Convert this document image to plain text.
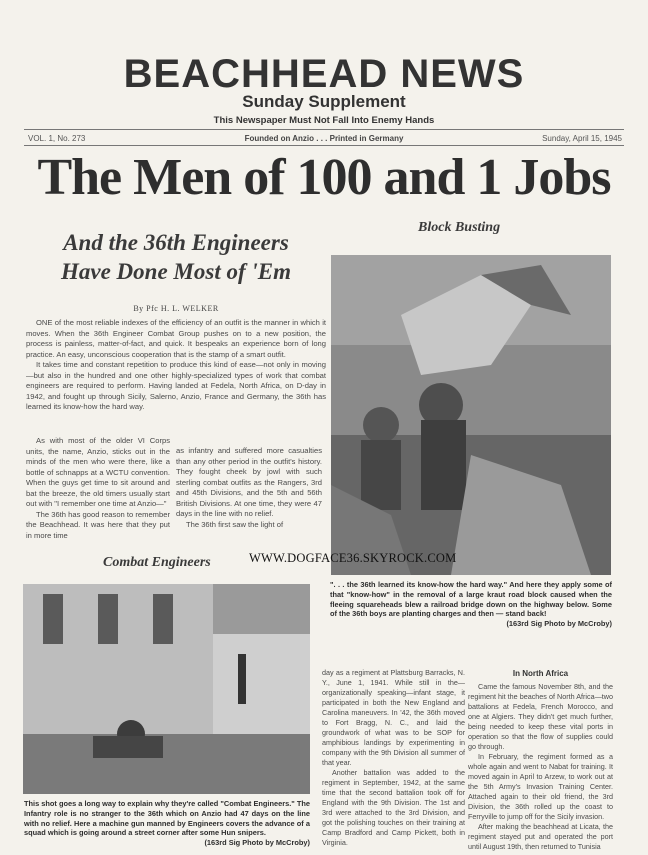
BEACHHEAD NEWS
Sunday Supplement
This Newspaper Must Not Fall Into Enemy Hands
VOL. 1, No. 273	Founded on Anzio . . . Printed in Germany	Sunday, April 15, 1945
The Men of 100 and 1 Jobs
And the 36th Engineers
Have Done Most of 'Em
By Pfc H. L. WELKER

ONE of the most reliable indexes of the efficiency of an outfit is the manner in which it moves. When the 36th Engineer Combat Group pushes on to a new position, the process is painless, matter-of-fact, and quick. It bespeaks an experience born of long practice. An easy, unconscious cooperation that is the stamp of a smart outfit.

It takes time and constant repetition to produce this kind of ease—not only in moving—but also in the hundred and one other highly-specialized types of work that combat engineers are required to perform. Having landed at Fedela, North Africa, on D-day in 1942, and fought up through Sicily, Salerno, Anzio, France and Germany, the 36th has learned its know-how the hard way.

As with most of the older VI Corps units, the name, Anzio, sticks out in the minds of the men who were there, like a bottle of schnapps at a WCTU convention. When the guys get time to sit around and bat the breeze, the old timers usually start out with "I remember one time at Anzio—"

The 36th has good reason to remember the Beachhead. It was here that they put in more time

as infantry and suffered more casualties than any other period in the outfit's history. They fought cheek by jowl with such sterling combat outfits as the Rangers, 3rd and 45th Divisions, and the 5th and 56th British Divisions. At one time, they were 47 days in the line with no relief.

The 36th first saw the light of

Block Busting
". . . the 36th learned its know-how the hard way." And here they apply some of that "know-how" in the removal of a large kraut road block caused when the fleeing squareheads blew a railroad bridge down on the highway below. Some of the 36th boys are planting charges and then — stand back!
(163rd Sig Photo by McCroby)
Combat Engineers	WWW.DOGFACE36.SKYROCK.COM
This shot goes a long way to explain why they're called "Combat Engineers." The Infantry role is no stranger to the 36th which on Anzio had 47 days on the line with no relief. Here a machine gun manned by Engineers covers the advance of a squad which is going around a street corner after some Hun snipers.
(163rd Sig Photo by McCroby)

day as a regiment at Plattsburg Barracks, N. Y., June 1, 1941. While still in the—organizationally speaking—infant stage, it participated in both the New England and Carolina maneuvers. In '42, the 36th moved to Fort Bragg, N. C., and laid the groundwork of what was to be SOP for amphibious landings by experimenting in company with the 9th Division all summer of that year.

Another battalion was added to the regiment in September, 1942, at the same time that the second battalion took off for England with the 9th Division. The 1st and 3rd were attached to the 3rd Division, and got the polishing touches on their training at Camp Bradford and Camp Pickett, both in Virginia.

In North Africa

Came the famous November 8th, and the regiment hit the beaches of North Africa—two battalions at Fedela, French Morocco, and one at Algiers. They didn't get much further, being needed to keep these vital ports in operation so that the flow of supplies could go through.

In February, the regiment formed as a whole again and went to Nabat for training. It moved again in April to Arzew, to work out at the 5th Army's Invasion Training Center. Attached again to their old friend, the 3rd Division, the 36th rolled up the coast to Ferryville to jump off for the Sicily invasion.

After making the beachhead at Licata, the regiment stayed put and operated the port until August 19th, then returned to Tunisia
